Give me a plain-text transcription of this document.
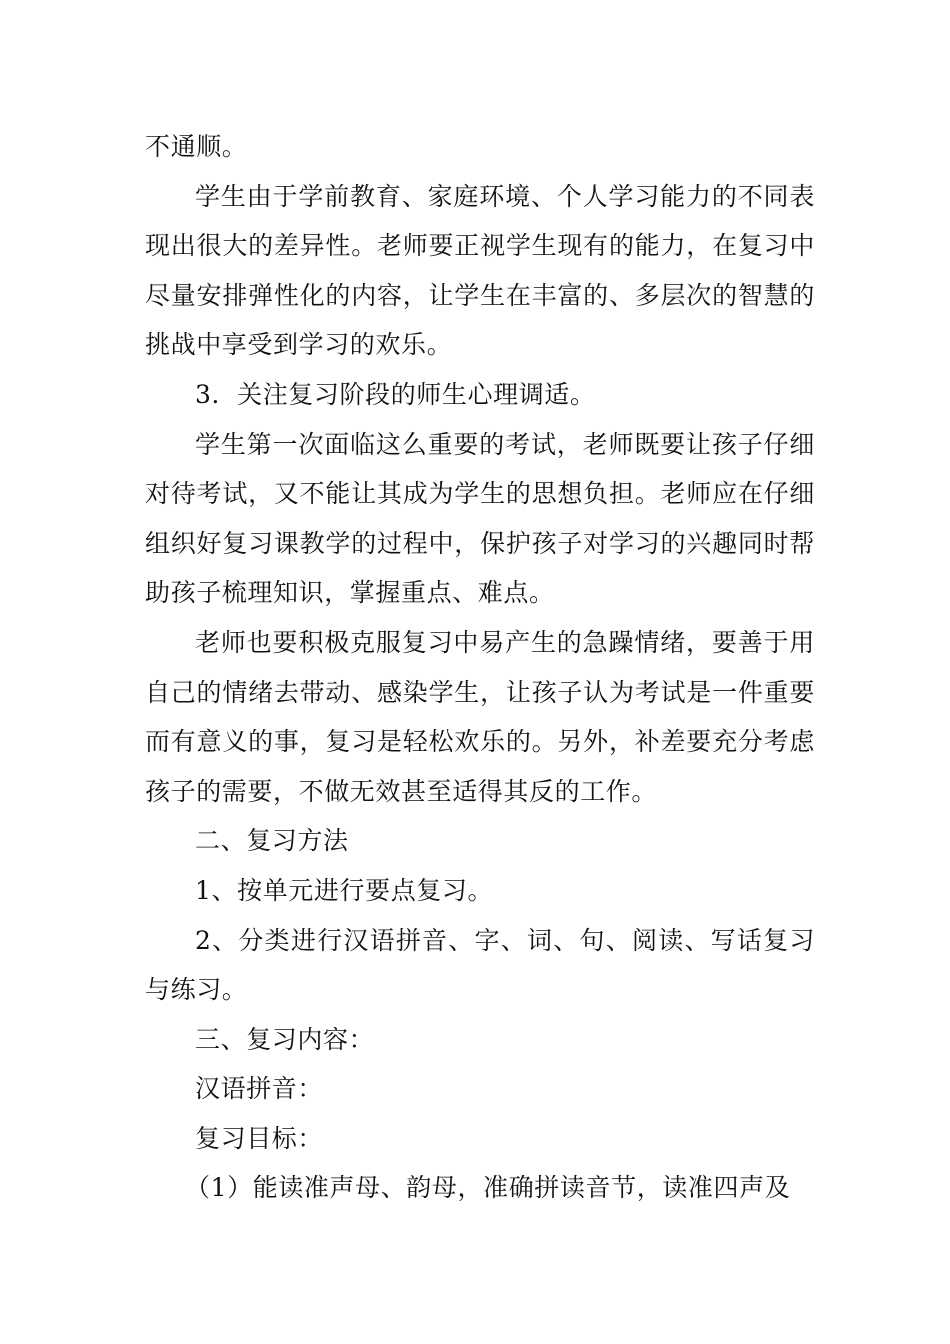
不通顺。

学生由于学前教育、家庭环境、个人学习能力的不同表现出很大的差异性。老师要正视学生现有的能力，在复习中尽量安排弹性化的内容，让学生在丰富的、多层次的智慧的挑战中享受到学习的欢乐。

3．关注复习阶段的师生心理调适。

学生第一次面临这么重要的考试，老师既要让孩子仔细对待考试，又不能让其成为学生的思想负担。老师应在仔细组织好复习课教学的过程中，保护孩子对学习的兴趣同时帮助孩子梳理知识，掌握重点、难点。

老师也要积极克服复习中易产生的急躁情绪，要善于用自己的情绪去带动、感染学生，让孩子认为考试是一件重要而有意义的事，复习是轻松欢乐的。另外，补差要充分考虑孩子的需要，不做无效甚至适得其反的工作。

二、复习方法

1、按单元进行要点复习。

2、分类进行汉语拼音、字、词、句、阅读、写话复习与练习。

三、复习内容：

汉语拼音：

复习目标：

（1）能读准声母、韵母，准确拼读音节，读准四声及
